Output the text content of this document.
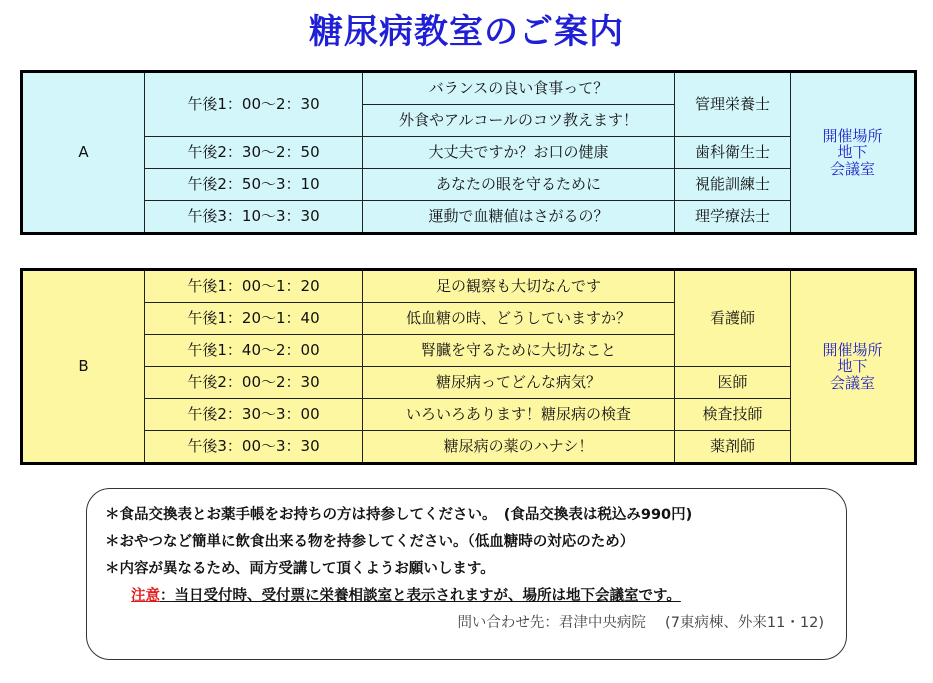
糖尿病教室のご案内
A	午後1：00〜2：30	バランスの良い食事って？	管理栄養士	開催場所
地下
会議室

		外食やアルコールのコツ教えます！		
	午後2：30〜2：50	大丈夫ですか？お口の健康	歯科衛生士	
	午後2：50〜3：10	あなたの眼を守るために	視能訓練士	
	午後3：10〜3：30	運動で血糖値はさがるの？	理学療法士	
B	午後1：00〜1：20	足の観察も大切なんです	看護師	開催場所
地下
会議室

	午後1：20〜1：40	低血糖の時、どうしていますか？		
	午後1：40〜2：00	腎臓を守るために大切なこと		
	午後2：00〜2：30	糖尿病ってどんな病気？	医師	
	午後2：30〜3：00	いろいろあります！糖尿病の検査	検査技師	
	午後3：00〜3：30	糖尿病の薬のハナシ！	薬剤師	
＊食品交換表とお薬手帳をお持ちの方は持参してください。　(食品交換表は税込み990円)
＊おやつなど簡単に飲食出来る物を持参してください。（低血糖時の対応のため）
＊内容が異なるため、両方受講して頂くようお願いします。
注意：当日受付時、受付票に栄養相談室と表示されますが、場所は地下会議室です。
問い合わせ先：君津中央病院　 (7東病棟、外来11・12)
